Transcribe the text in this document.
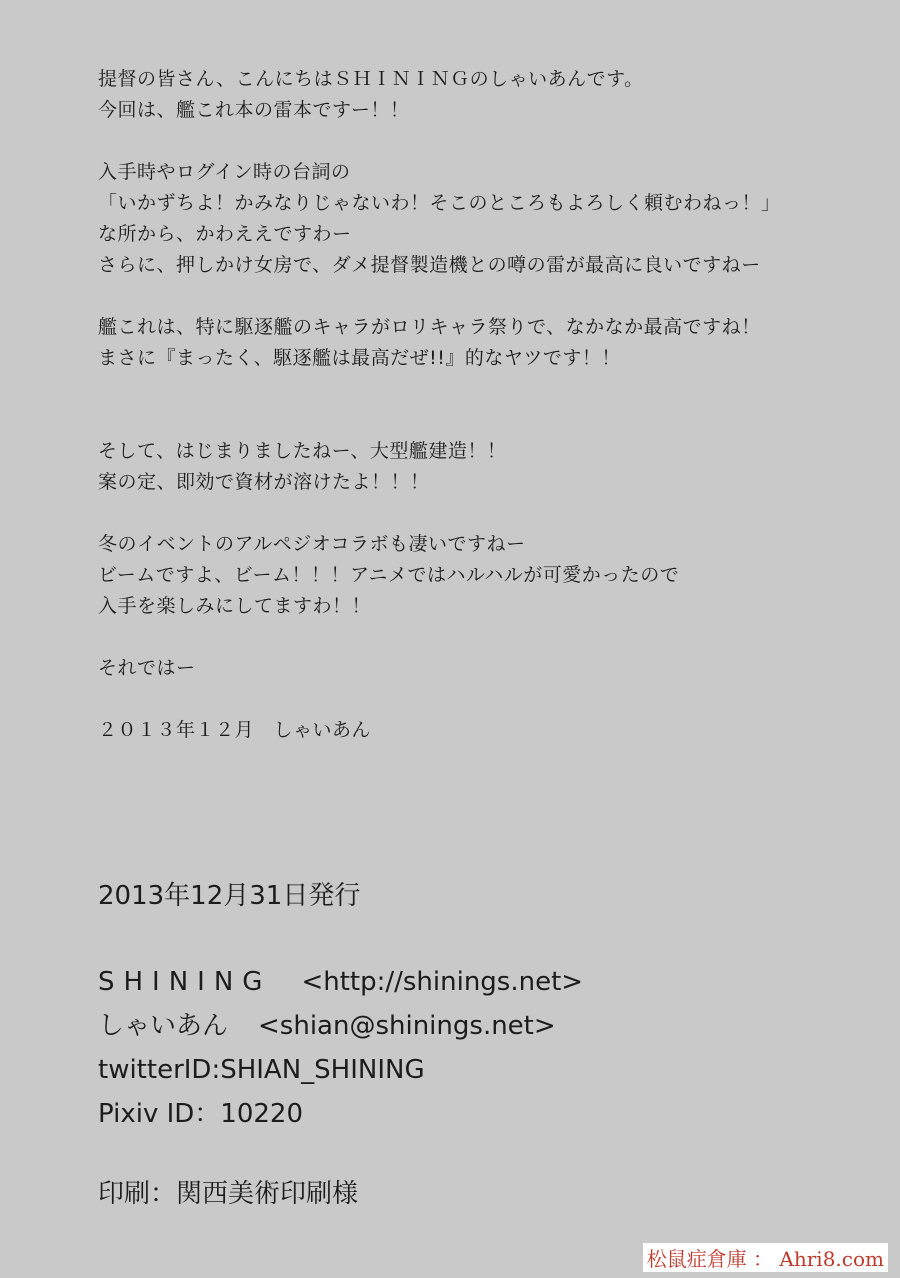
提督の皆さん、こんにちはＳＨＩＮＩＮＧのしゃいあんです。
今回は、艦これ本の雷本ですー！！
入手時やログイン時の台詞の
「いかずちよ！かみなりじゃないわ！そこのところもよろしく頼むわねっ！」
な所から、かわええですわー
さらに、押しかけ女房で、ダメ提督製造機との噂の雷が最高に良いですねー
艦これは、特に駆逐艦のキャラがロリキャラ祭りで、なかなか最高ですね！
まさに『まったく、駆逐艦は最高だぜ!!』的なヤツです！！
そして、はじまりましたねー、大型艦建造！！
案の定、即効で資材が溶けたよ！！！
冬のイベントのアルペジオコラボも凄いですねー
ビームですよ、ビーム！！！アニメではハルハルが可愛かったので
入手を楽しみにしてますわ！！
それではー
２０１３年１２月　しゃいあん
2013年12月31日発行
SHINING <http://shinings.net>
しゃいあん <shian@shinings.net>
twitterID:SHIAN_SHINING
Pixiv ID：10220
印刷：関西美術印刷様
松鼠症倉庫 ： Ahri8.com
